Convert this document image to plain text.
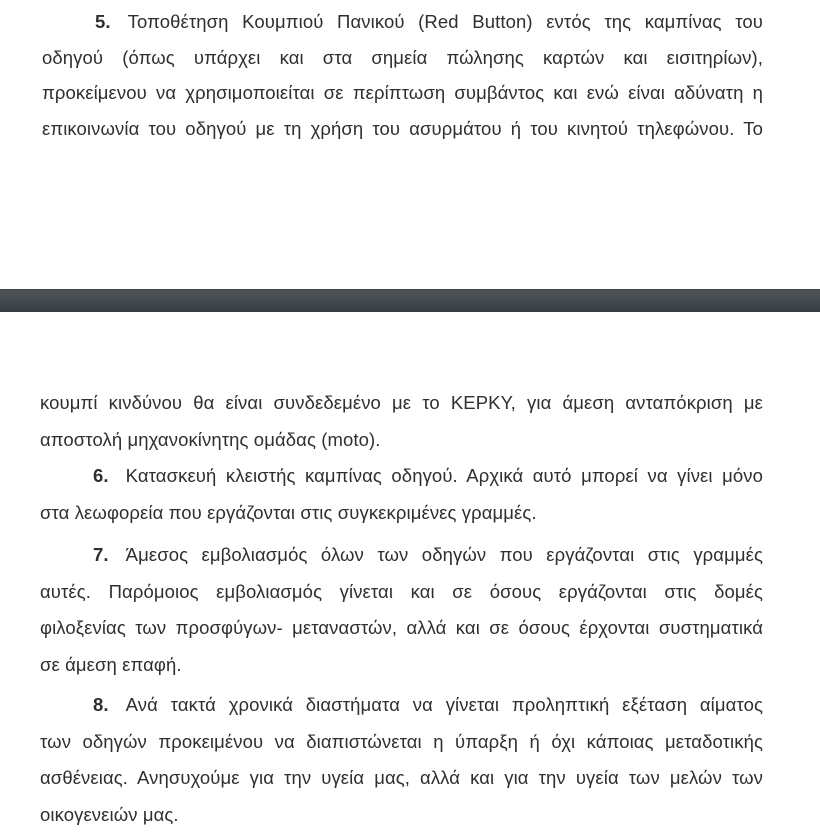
5. Τοποθέτηση Κουμπιού Πανικού (Red Button) εντός της καμπίνας του
οδηγού (όπως υπάρχει και στα σημεία πώλησης καρτών και εισιτηρίων),
προκείμενου να χρησιμοποιείται σε περίπτωση συμβάντος και ενώ είναι αδύνατη η
επικοινωνία του οδηγού με τη χρήση του ασυρμάτου ή του κινητού τηλεφώνου. Το
κουμπί κινδύνου θα είναι συνδεδεμένο με το ΚΕΡΚΥ, για άμεση ανταπόκριση με
αποστολή μηχανοκίνητης ομάδας (moto).
6. Κατασκευή κλειστής καμπίνας οδηγού. Αρχικά αυτό μπορεί να γίνει μόνο
στα λεωφορεία που εργάζονται στις συγκεκριμένες γραμμές.
7. Άμεσος εμβολιασμός όλων των οδηγών που εργάζονται στις γραμμές
αυτές. Παρόμοιος εμβολιασμός γίνεται και σε όσους εργάζονται στις δομές
φιλοξενίας των προσφύγων- μεταναστών, αλλά και σε όσους έρχονται συστηματικά
σε άμεση επαφή.
8. Ανά τακτά χρονικά διαστήματα να γίνεται προληπτική εξέταση αίματος
των οδηγών προκειμένου να διαπιστώνεται η ύπαρξη ή όχι κάποιας μεταδοτικής
ασθένειας. Ανησυχούμε για την υγεία μας, αλλά και για την υγεία των μελών των
οικογενειών μας.
